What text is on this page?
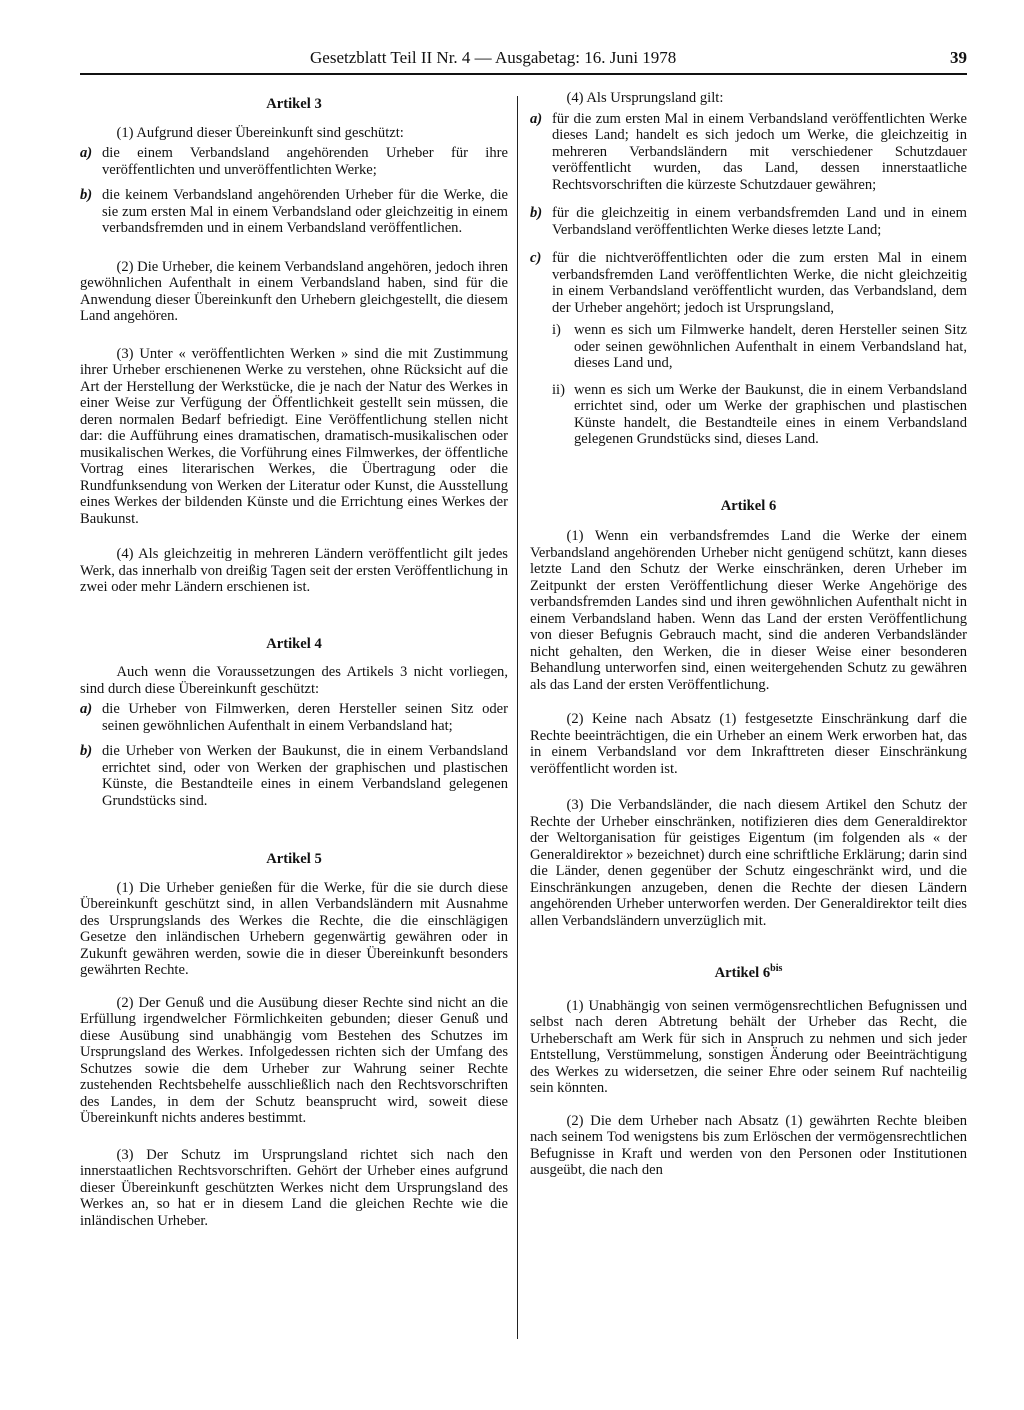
Gesetzblatt Teil II Nr. 4 — Ausgabetag: 16. Juni 1978	39
Artikel 3

(1) Aufgrund dieser Übereinkunft sind geschützt:

a) die einem Verbandsland angehörenden Urheber für ihre veröffentlichten und unveröffentlichten Werke;
b) die keinem Verbandsland angehörenden Urheber für die Werke, die sie zum ersten Mal in einem Verbandsland oder gleichzeitig in einem verbandsfremden und in einem Verbandsland veröffentlichen.

(2) Die Urheber, die keinem Verbandsland angehören, jedoch ihren gewöhnlichen Aufenthalt in einem Verbandsland haben, sind für die Anwendung dieser Übereinkunft den Urhebern gleichgestellt, die diesem Land angehören.

(3) Unter « veröffentlichten Werken » sind die mit Zustimmung ihrer Urheber erschienenen Werke zu verstehen, ohne Rücksicht auf die Art der Herstellung der Werkstücke, die je nach der Natur des Werkes in einer Weise zur Verfügung der Öffentlichkeit gestellt sein müssen, die deren normalen Bedarf befriedigt. Eine Veröffentlichung stellen nicht dar: die Aufführung eines dramatischen, dramatisch-musikalischen oder musikalischen Werkes, die Vorführung eines Filmwerkes, der öffentliche Vortrag eines literarischen Werkes, die Übertragung oder die Rundfunksendung von Werken der Literatur oder Kunst, die Ausstellung eines Werkes der bildenden Künste und die Errichtung eines Werkes der Baukunst.

(4) Als gleichzeitig in mehreren Ländern veröffentlicht gilt jedes Werk, das innerhalb von dreißig Tagen seit der ersten Veröffentlichung in zwei oder mehr Ländern erschienen ist.

Artikel 4

Auch wenn die Voraussetzungen des Artikels 3 nicht vorliegen, sind durch diese Übereinkunft geschützt:

a) die Urheber von Filmwerken, deren Hersteller seinen Sitz oder seinen gewöhnlichen Aufenthalt in einem Verbandsland hat;
b) die Urheber von Werken der Baukunst, die in einem Verbandsland errichtet sind, oder von Werken der graphischen und plastischen Künste, die Bestandteile eines in einem Verbandsland gelegenen Grundstücks sind.
Artikel 5

(1) Die Urheber genießen für die Werke, für die sie durch diese Übereinkunft geschützt sind, in allen Verbandsländern mit Ausnahme des Ursprungslands des Werkes die Rechte, die die einschlägigen Gesetze den inländischen Urhebern gegenwärtig gewähren oder in Zukunft gewähren werden, sowie die in dieser Übereinkunft besonders gewährten Rechte.

(2) Der Genuß und die Ausübung dieser Rechte sind nicht an die Erfüllung irgendwelcher Förmlichkeiten gebunden; dieser Genuß und diese Ausübung sind unabhängig vom Bestehen des Schutzes im Ursprungsland des Werkes. Infolgedessen richten sich der Umfang des Schutzes sowie die dem Urheber zur Wahrung seiner Rechte zustehenden Rechtsbehelfe ausschließlich nach den Rechtsvorschriften des Landes, in dem der Schutz beansprucht wird, soweit diese Übereinkunft nichts anderes bestimmt.

(3) Der Schutz im Ursprungsland richtet sich nach den innerstaatlichen Rechtsvorschriften. Gehört der Urheber eines aufgrund dieser Übereinkunft geschützten Werkes nicht dem Ursprungsland des Werkes an, so hat er in diesem Land die gleichen Rechte wie die inländischen Urheber.

(4) Als Ursprungsland gilt:

a) für die zum ersten Mal in einem Verbandsland veröffentlichten Werke dieses Land; handelt es sich jedoch um Werke, die gleichzeitig in mehreren Verbandsländern mit verschiedener Schutzdauer veröffentlicht wurden, das Land, dessen innerstaatliche Rechtsvorschriften die kürzeste Schutzdauer gewähren;
b) für die gleichzeitig in einem verbandsfremden Land und in einem Verbandsland veröffentlichten Werke dieses letzte Land;
c) für die nichtveröffentlichten oder die zum ersten Mal in einem verbandsfremden Land veröffentlichten Werke, die nicht gleichzeitig in einem Verbandsland veröffentlicht wurden, das Verbandsland, dem der Urheber angehört; jedoch ist Ursprungsland,
i) wenn es sich um Filmwerke handelt, deren Hersteller seinen Sitz oder seinen gewöhnlichen Aufenthalt in einem Verbandsland hat, dieses Land und,
ii) wenn es sich um Werke der Baukunst, die in einem Verbandsland errichtet sind, oder um Werke der graphischen und plastischen Künste handelt, die Bestandteile eines in einem Verbandsland gelegenen Grundstücks sind, dieses Land.
Artikel 6

(1) Wenn ein verbandsfremdes Land die Werke der einem Verbandsland angehörenden Urheber nicht genügend schützt, kann dieses letzte Land den Schutz der Werke einschränken, deren Urheber im Zeitpunkt der ersten Veröffentlichung dieser Werke Angehörige des verbandsfremden Landes sind und ihren gewöhnlichen Aufenthalt nicht in einem Verbandsland haben. Wenn das Land der ersten Veröffentlichung von dieser Befugnis Gebrauch macht, sind die anderen Verbandsländer nicht gehalten, den Werken, die in dieser Weise einer besonderen Behandlung unterworfen sind, einen weitergehenden Schutz zu gewähren als das Land der ersten Veröffentlichung.

(2) Keine nach Absatz (1) festgesetzte Einschränkung darf die Rechte beeinträchtigen, die ein Urheber an einem Werk erworben hat, das in einem Verbandsland vor dem Inkrafttreten dieser Einschränkung veröffentlicht worden ist.

(3) Die Verbandsländer, die nach diesem Artikel den Schutz der Rechte der Urheber einschränken, notifizieren dies dem Generaldirektor der Weltorganisation für geistiges Eigentum (im folgenden als « der Generaldirektor » bezeichnet) durch eine schriftliche Erklärung; darin sind die Länder, denen gegenüber der Schutz eingeschränkt wird, und die Einschränkungen anzugeben, denen die Rechte der diesen Ländern angehörenden Urheber unterworfen werden. Der Generaldirektor teilt dies allen Verbandsländern unverzüglich mit.

Artikel $6^{bis}$

(1) Unabhängig von seinen vermögensrechtlichen Befugnissen und selbst nach deren Abtretung behält der Urheber das Recht, die Urheberschaft am Werk für sich in Anspruch zu nehmen und sich jeder Entstellung, Verstümmelung, sonstigen Änderung oder Beeinträchtigung des Werkes zu widersetzen, die seiner Ehre oder seinem Ruf nachteilig sein könnten.

(2) Die dem Urheber nach Absatz (1) gewährten Rechte bleiben nach seinem Tod wenigstens bis zum Erlöschen der vermögensrechtlichen Befugnisse in Kraft und werden von den Personen oder Institutionen ausgeübt, die nach den
